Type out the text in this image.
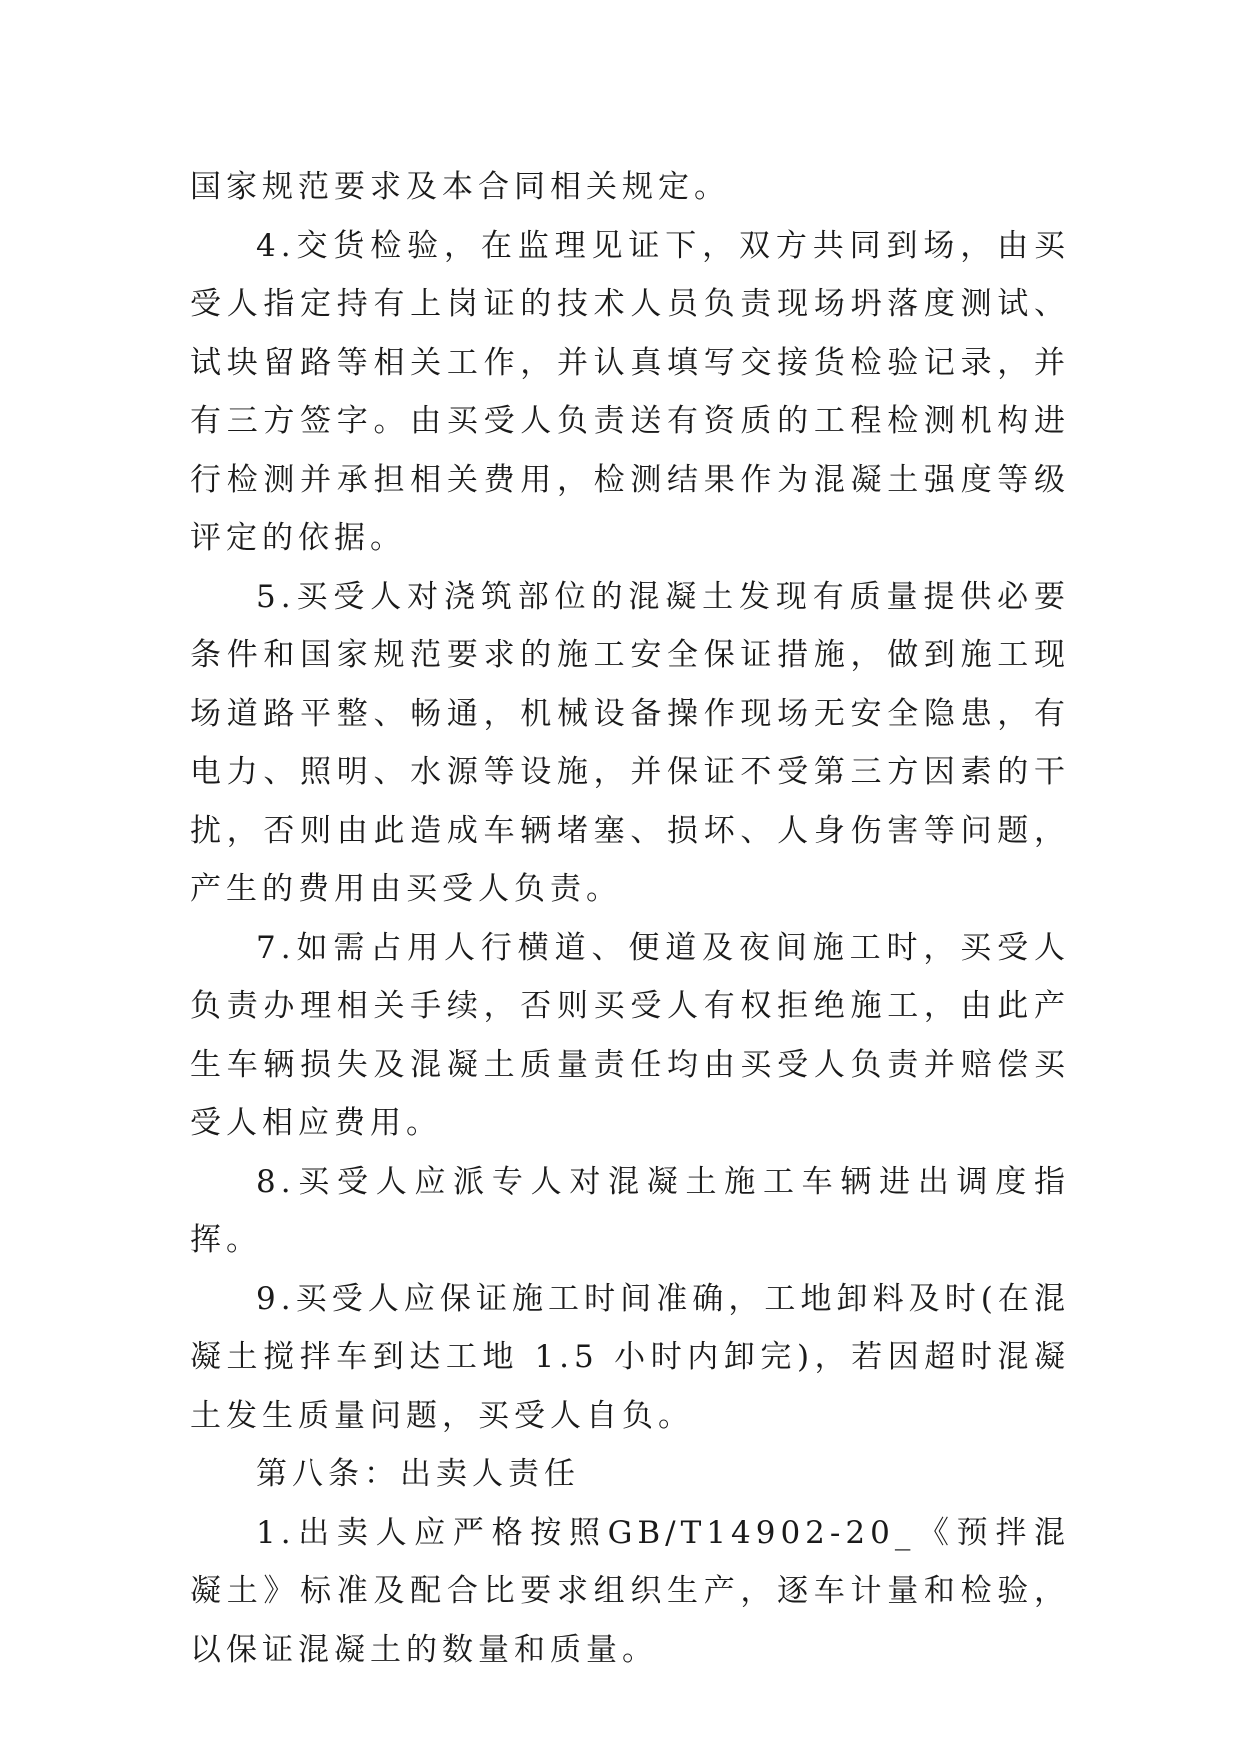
国家规范要求及本合同相关规定。

4.交货检验，在监理见证下，双方共同到场，由买受人指定持有上岗证的技术人员负责现场坍落度测试、试块留路等相关工作，并认真填写交接货检验记录，并有三方签字。由买受人负责送有资质的工程检测机构进行检测并承担相关费用，检测结果作为混凝土强度等级评定的依据。

5.买受人对浇筑部位的混凝土发现有质量提供必要条件和国家规范要求的施工安全保证措施，做到施工现场道路平整、畅通，机械设备操作现场无安全隐患，有电力、照明、水源等设施，并保证不受第三方因素的干扰，否则由此造成车辆堵塞、损坏、人身伤害等问题，产生的费用由买受人负责。

7.如需占用人行横道、便道及夜间施工时，买受人负责办理相关手续，否则买受人有权拒绝施工，由此产生车辆损失及混凝土质量责任均由买受人负责并赔偿买受人相应费用。

8.买受人应派专人对混凝土施工车辆进出调度指挥。

9.买受人应保证施工时间准确，工地卸料及时(在混凝土搅拌车到达工地 1.5 小时内卸完)，若因超时混凝土发生质量问题，买受人自负。

第八条：出卖人责任

1.出卖人应严格按照GB/T14902-20_《预拌混凝土》标准及配合比要求组织生产，逐车计量和检验，以保证混凝土的数量和质量。
